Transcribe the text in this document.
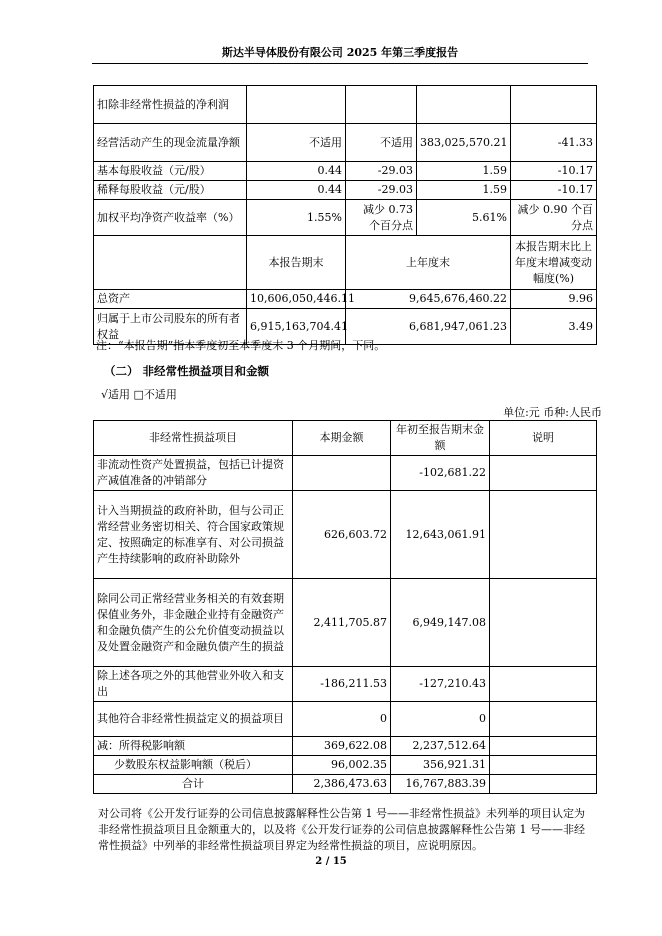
斯达半导体股份有限公司 2025 年第三季度报告
扣除非经常性损益的净利润				
经营活动产生的现金流量净额	不适用	不适用	383,025,570.21	-41.33
基本每股收益（元/股）	0.44	-29.03	1.59	-10.17
稀释每股收益（元/股）	0.44	-29.03	1.59	-10.17
加权平均净资产收益率（%）	1.55%	减少 0.73 个百分点	5.61%	减少 0.90 个百分点
	本报告期末	上年度末		本报告期末比上年度末增减变动幅度(%)
总资产	10,606,050,446.11	9,645,676,460.22		9.96
归属于上市公司股东的所有者权益	6,915,163,704.41	6,681,947,061.23		3.49
注：“本报告期”指本季度初至本季度末 3 个月期间，下同。
（二） 非经常性损益项目和金额
√适用 □不适用
单位:元 币种:人民币
非经常性损益项目	本期金额	年初至报告期末金额	说明
非流动性资产处置损益，包括已计提资产减值准备的冲销部分		-102,681.22	
计入当期损益的政府补助，但与公司正常经营业务密切相关、符合国家政策规定、按照确定的标准享有、对公司损益产生持续影响的政府补助除外	626,603.72	12,643,061.91	
除同公司正常经营业务相关的有效套期保值业务外，非金融企业持有金融资产和金融负债产生的公允价值变动损益以及处置金融资产和金融负债产生的损益	2,411,705.87	6,949,147.08	
除上述各项之外的其他营业外收入和支出	-186,211.53	-127,210.43	
其他符合非经常性损益定义的损益项目	0	0	
减：所得税影响额	369,622.08	2,237,512.64	
少数股东权益影响额（税后）	96,002.35	356,921.31	
合计	2,386,473.63	16,767,883.39	
对公司将《公开发行证券的公司信息披露解释性公告第 1 号——非经常性损益》未列举的项目认定为非经常性损益项目且金额重大的，以及将《公开发行证券的公司信息披露解释性公告第 1 号——非经常性损益》中列举的非经常性损益项目界定为经常性损益的项目，应说明原因。
2 / 15
